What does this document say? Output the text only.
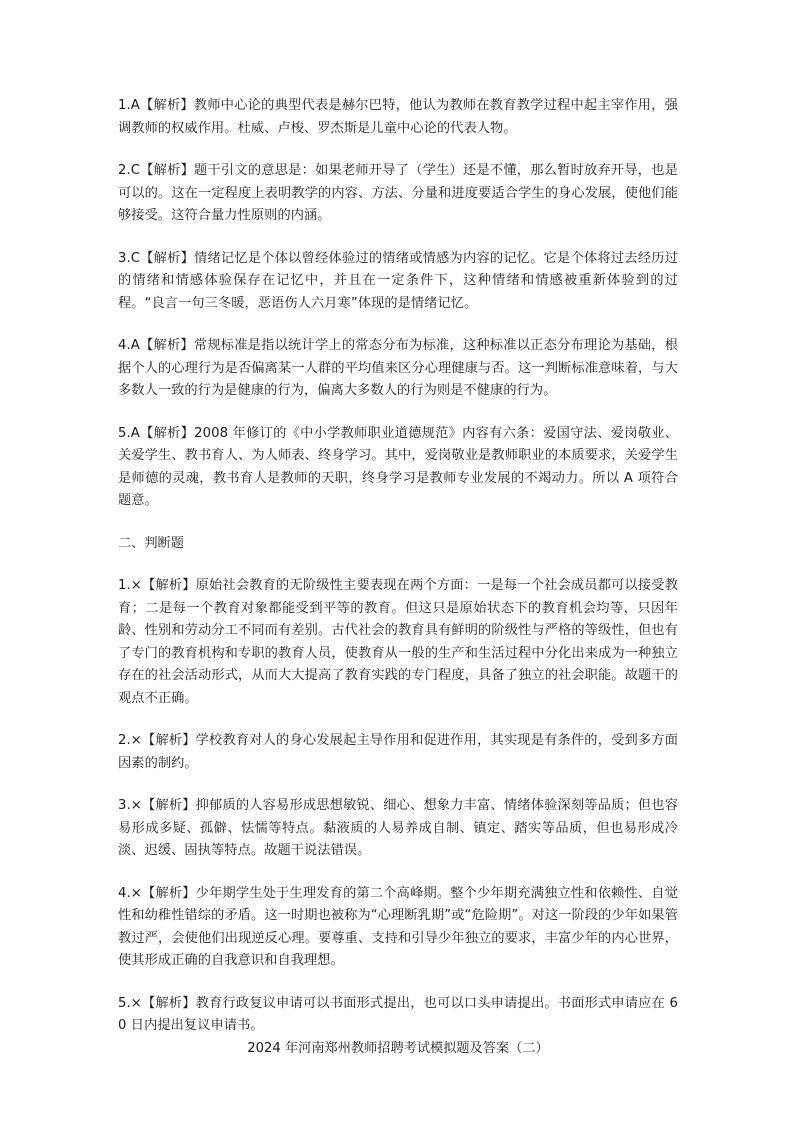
1.A【解析】教师中心论的典型代表是赫尔巴特，他认为教师在教育教学过程中起主宰作用，强调教师的权威作用。杜威、卢梭、罗杰斯是儿童中心论的代表人物。

2.C【解析】题干引文的意思是：如果老师开导了（学生）还是不懂，那么暂时放弃开导，也是可以的。这在一定程度上表明教学的内容、方法、分量和进度要适合学生的身心发展，使他们能够接受。这符合量力性原则的内涵。

3.C【解析】情绪记忆是个体以曾经体验过的情绪或情感为内容的记忆。它是个体将过去经历过的情绪和情感体验保存在记忆中，并且在一定条件下，这种情绪和情感被重新体验到的过程。“良言一句三冬暖，恶语伤人六月寒”体现的是情绪记忆。

4.A【解析】常规标准是指以统计学上的常态分布为标准，这种标准以正态分布理论为基础，根据个人的心理行为是否偏离某一人群的平均值来区分心理健康与否。这一判断标准意味着，与大多数人一致的行为是健康的行为，偏离大多数人的行为则是不健康的行为。

5.A【解析】2008 年修订的《中小学教师职业道德规范》内容有六条：爱国守法、爱岗敬业、关爱学生、教书育人、为人师表、终身学习。其中，爱岗敬业是教师职业的本质要求，关爱学生是师德的灵魂，教书育人是教师的天职，终身学习是教师专业发展的不竭动力。所以 A 项符合题意。

二、判断题

1.×【解析】原始社会教育的无阶级性主要表现在两个方面：一是每一个社会成员都可以接受教育；二是每一个教育对象都能受到平等的教育。但这只是原始状态下的教育机会均等，只因年龄、性别和劳动分工不同而有差别。古代社会的教育具有鲜明的阶级性与严格的等级性，但也有了专门的教育机构和专职的教育人员，使教育从一般的生产和生活过程中分化出来成为一种独立存在的社会活动形式，从而大大提高了教育实践的专门程度，具备了独立的社会职能。故题干的观点不正确。

2.×【解析】学校教育对人的身心发展起主导作用和促进作用，其实现是有条件的，受到多方面因素的制约。

3.×【解析】抑郁质的人容易形成思想敏锐、细心、想象力丰富、情绪体验深刻等品质；但也容易形成多疑、孤僻、怯懦等特点。黏液质的人易养成自制、镇定、踏实等品质，但也易形成冷淡、迟缓、固执等特点。故题干说法错误。

4.×【解析】少年期学生处于生理发育的第二个高峰期。整个少年期充满独立性和依赖性、自觉性和幼稚性错综的矛盾。这一时期也被称为“心理断乳期”或“危险期”。对这一阶段的少年如果管教过严，会使他们出现逆反心理。要尊重、支持和引导少年独立的要求，丰富少年的内心世界，使其形成正确的自我意识和自我理想。

5.×【解析】教育行政复议申请可以书面形式提出，也可以口头申请提出。书面形式申请应在 60 日内提出复议申请书。

2024 年河南郑州教师招聘考试模拟题及答案（二）
